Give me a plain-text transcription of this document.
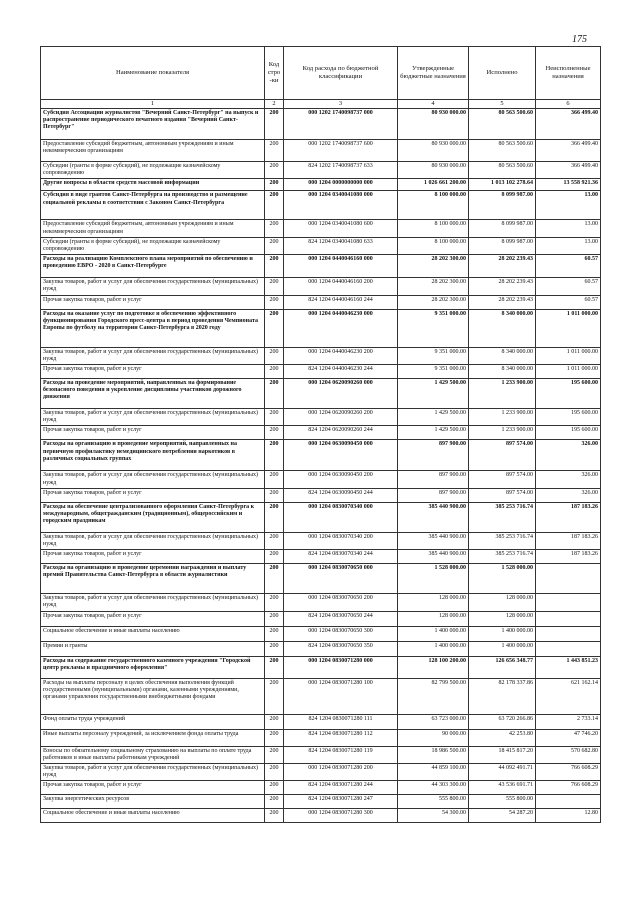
175
Наименование показателя	Код стро-ки	Код расхода по бюджетной классификации	Утвержденные бюджетные назначения	Исполнено	Неисполненные назначения
1	2	3	4	5	6
Субсидия Ассоциации журналистов "Вечерний Санкт-Петербург" на выпуск и распространение периодического печатного издания "Вечерний Санкт-Петербург"	200	000 1202 1740098737 000	80 930 000.00	80 563 500.60	366 499.40
Предоставление субсидий бюджетным, автономным учреждениям и иным некоммерческим организациям	200	000 1202 1740098737 600	80 930 000.00	80 563 500.60	366 499.40
Субсидии (гранты в форме субсидий), не подлежащие казначейскому сопровождению	200	824 1202 1740098737 633	80 930 000.00	80 563 500.60	366 499.40
Другие вопросы в области средств массовой информации	200	000 1204 0000000000 000	1 026 661 200.00	1 013 102 278.64	13 558 921.36
Субсидия в виде грантов Санкт-Петербурга на производство и размещение социальной рекламы в соответствии с Законом Санкт-Петербурга	200	000 1204 0340041080 000	8 100 000.00	8 099 987.00	13.00
Предоставление субсидий бюджетным, автономным учреждениям и иным некоммерческим организациям	200	000 1204 0340041080 600	8 100 000.00	8 099 987.00	13.00
Субсидии (гранты в форме субсидий), не подлежащие казначейскому сопровождению	200	824 1204 0340041080 633	8 100 000.00	8 099 987.00	13.00
Расходы на реализацию Комплексного плана мероприятий по обеспечению и проведению ЕВРО - 2020 в Санкт-Петербурге	200	000 1204 0440046160 000	28 202 300.00	28 202 239.43	60.57
Закупка товаров, работ и услуг для обеспечения государственных (муниципальных) нужд	200	000 1204 0440046160 200	28 202 300.00	28 202 239.43	60.57
Прочая закупка товаров, работ и услуг	200	824 1204 0440046160 244	28 202 300.00	28 202 239.43	60.57
Расходы на оказание услуг по подготовке и обеспечению эффективного функционирования Городского пресс-центра в период проведения Чемпионата Европы по футболу на территории Санкт-Петербурга в 2020 году	200	000 1204 0440046230 000	9 351 000.00	8 340 000.00	1 011 000.00
Закупка товаров, работ и услуг для обеспечения государственных (муниципальных) нужд	200	000 1204 0440046230 200	9 351 000.00	8 340 000.00	1 011 000.00
Прочая закупка товаров, работ и услуг	200	824 1204 0440046230 244	9 351 000.00	8 340 000.00	1 011 000.00
Расходы на проведение мероприятий, направленных на формирование безопасного поведения и укрепление дисциплины участников дорожного движения	200	000 1204 0620090260 000	1 429 500.00	1 233 900.00	195 600.00
Закупка товаров, работ и услуг для обеспечения государственных (муниципальных) нужд	200	000 1204 0620090260 200	1 429 500.00	1 233 900.00	195 600.00
Прочая закупка товаров, работ и услуг	200	824 1204 0620090260 244	1 429 500.00	1 233 900.00	195 600.00
Расходы на организацию и проведение мероприятий, направленных на первичную профилактику немедицинского потребления наркотиков в различных социальных группах	200	000 1204 0630090450 000	897 900.00	897 574.00	326.00
Закупка товаров, работ и услуг для обеспечения государственных (муниципальных) нужд	200	000 1204 0630090450 200	897 900.00	897 574.00	326.00
Прочая закупка товаров, работ и услуг	200	824 1204 0630090450 244	897 900.00	897 574.00	326.00
Расходы на обеспечение централизованного оформления Санкт-Петербурга к международным, общегражданским (традиционным), общероссийским и городским праздникам	200	000 1204 0830070340 000	385 440 900.00	385 253 716.74	187 183.26
Закупка товаров, работ и услуг для обеспечения государственных (муниципальных) нужд	200	000 1204 0830070340 200	385 440 900.00	385 253 716.74	187 183.26
Прочая закупка товаров, работ и услуг	200	824 1204 0830070340 244	385 440 900.00	385 253 716.74	187 183.26
Расходы на организацию и проведение церемонии награждения и выплату премий Правительства Санкт-Петербурга в области журналистики	200	000 1204 0830070650 000	1 528 000.00	1 528 000.00	
Закупка товаров, работ и услуг для обеспечения государственных (муниципальных) нужд	200	000 1204 0830070650 200	128 000.00	128 000.00	
Прочая закупка товаров, работ и услуг	200	824 1204 0830070650 244	128 000.00	128 000.00	
Социальное обеспечение и иные выплаты населению	200	000 1204 0830070650 300	1 400 000.00	1 400 000.00	
Премии и гранты	200	824 1204 0830070650 350	1 400 000.00	1 400 000.00	
Расходы на содержание государственного казенного учреждения "Городской центр рекламы и праздничного оформления"	200	000 1204 0830071280 000	128 100 200.00	126 656 348.77	1 443 851.23
Расходы на выплаты персоналу в целях обеспечения выполнения функций государственными (муниципальными) органами, казенными учреждениями, органами управления государственными внебюджетными фондами	200	000 1204 0830071280 100	82 799 500.00	82 178 337.86	621 162.14
Фонд оплаты труда учреждений	200	824 1204 0830071280 111	63 723 000.00	63 720 266.86	2 733.14
Иные выплаты персоналу учреждений, за исключением фонда оплаты труда	200	824 1204 0830071280 112	90 000.00	42 253.80	47 746.20
Взносы по обязательному социальному страхованию на выплаты по оплате труда работников и иные выплаты работникам учреждений	200	824 1204 0830071280 119	18 986 500.00	18 415 817.20	570 682.80
Закупка товаров, работ и услуг для обеспечения государственных (муниципальных) нужд	200	000 1204 0830071280 200	44 859 100.00	44 092 491.71	766 608.29
Прочая закупка товаров, работ и услуг	200	824 1204 0830071280 244	44 303 300.00	43 536 691.71	766 608.29
Закупка энергетических ресурсов	200	824 1204 0830071280 247	555 800.00	555 800.00	
Социальное обеспечение и иные выплаты населению	200	000 1204 0830071280 300	54 300.00	54 287.20	12.80
